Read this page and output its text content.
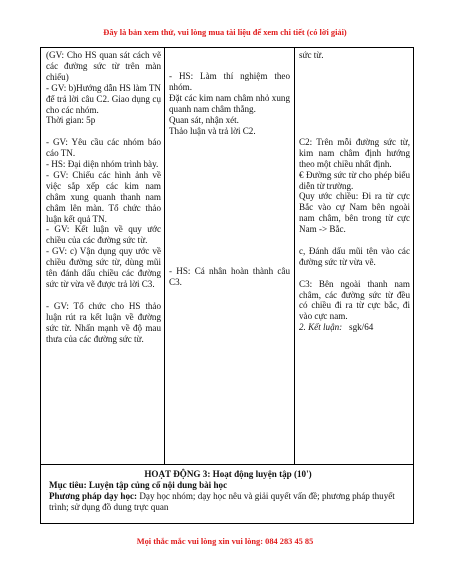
Đây là bản xem thử, vui lòng mua tài liệu để xem chi tiết (có lời giải)

(GV: Cho HS quan sát cách vẽ các đường sức từ trên màn chiếu)

- GV: b)Hướng dẫn HS làm TN để trả lời câu C2. Giao dụng cụ cho các nhóm.

Thời gian: 5p

- GV: Yêu cầu các nhóm báo cáo TN.

- HS: Đại diện nhóm trình bày.

- GV: Chiếu các hình ảnh về việc sắp xếp các kim nam châm xung quanh thanh nam châm lên màn. Tổ chức thảo luận kết quả TN.

- GV: Kết luận về quy ước chiều của các đường sức từ.

- GV: c) Vận dụng quy ước về chiều đường sức từ, dùng mũi tên đánh dấu chiều các đường sức từ vừa vẽ được trả lời C3.

- GV: Tổ chức cho HS thảo luận rút ra kết luận về đường sức từ. Nhấn mạnh về độ mau thưa của các đường sức từ.

- HS: Làm thí nghiệm theo nhóm.

Đặt các kim nam châm nhỏ xung quanh nam châm thẳng.

Quan sát, nhận xét.

Thảo luận và trả lời C2.

- HS: Cá nhân hoàn thành câu C3.

sức từ.

C2: Trên mỗi đường sức từ, kim nam châm định hướng theo một chiều nhất định.

€ Đường sức từ cho phép biểu diễn từ trường.

Quy ước chiều: Đi ra từ cực Bắc vào cự Nam bên ngoài nam châm, bên trong từ cực Nam -> Bắc.

c, Đánh dấu mũi tên vào các đường sức từ vừa vẽ.

C3: Bên ngoài thanh nam châm, các đường sức từ đều có chiều đi ra từ cực bắc, đi vào cực nam.

2. Kết luận: sgk/64

HOẠT ĐỘNG 3: Hoạt động luyện tập (10')
Mục tiêu: Luyện tập củng cố nội dung bài học
Phương pháp dạy học: Dạy học nhóm; dạy học nêu và giải quyết vấn đề; phương pháp thuyết trình; sử dụng đồ dung trực quan
Mọi thắc mắc vui lòng xin vui lòng: 084 283 45 85
